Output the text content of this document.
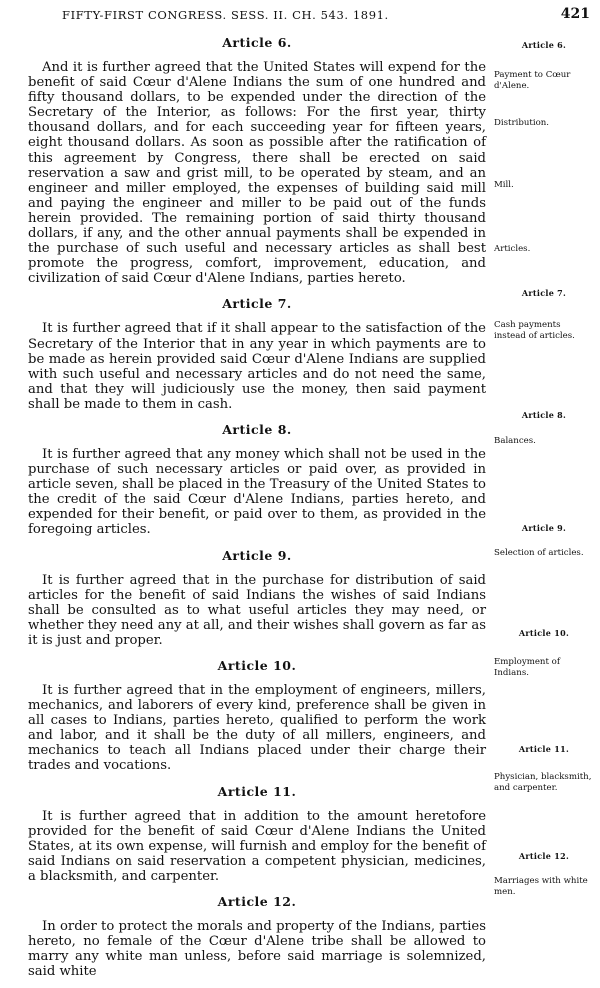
FIFTY-FIRST CONGRESS. SESS. II. CH. 543. 1891.	421
Article 6.

And it is further agreed that the United States will expend for the benefit of said Cœur d'Alene Indians the sum of one hundred and fifty thousand dollars, to be expended under the direction of the Secretary of the Interior, as follows: For the first year, thirty thousand dollars, and for each succeeding year for fifteen years, eight thousand dollars. As soon as possible after the ratification of this agreement by Congress, there shall be erected on said reservation a saw and grist mill, to be operated by steam, and an engineer and miller employed, the expenses of building said mill and paying the engineer and miller to be paid out of the funds herein provided. The remaining portion of said thirty thousand dollars, if any, and the other annual payments shall be expended in the purchase of such useful and necessary articles as shall best promote the progress, comfort, improvement, education, and civilization of said Cœur d'Alene Indians, parties hereto.

Article 7.

It is further agreed that if it shall appear to the satisfaction of the Secretary of the Interior that in any year in which payments are to be made as herein provided said Cœur d'Alene Indians are supplied with such useful and necessary articles and do not need the same, and that they will judiciously use the money, then said payment shall be made to them in cash.

Article 8.

It is further agreed that any money which shall not be used in the purchase of such necessary articles or paid over, as provided in article seven, shall be placed in the Treasury of the United States to the credit of the said Cœur d'Alene Indians, parties hereto, and expended for their benefit, or paid over to them, as provided in the foregoing articles.

Article 9.

It is further agreed that in the purchase for distribution of said articles for the benefit of said Indians the wishes of said Indians shall be consulted as to what useful articles they may need, or whether they need any at all, and their wishes shall govern as far as it is just and proper.

Article 10.

It is further agreed that in the employment of engineers, millers, mechanics, and laborers of every kind, preference shall be given in all cases to Indians, parties hereto, qualified to perform the work and labor, and it shall be the duty of all millers, engineers, and mechanics to teach all Indians placed under their charge their trades and vocations.

Article 11.

It is further agreed that in addition to the amount heretofore provided for the benefit of said Cœur d'Alene Indians the United States, at its own expense, will furnish and employ for the benefit of said Indians on said reservation a competent physician, medicines, a blacksmith, and carpenter.

Article 12.

In order to protect the morals and property of the Indians, parties hereto, no female of the Cœur d'Alene tribe shall be allowed to marry any white man unless, before said marriage is solemnized, said white

Article 6.
Payment to Cœur d'Alene.
Distribution.
Mill.
Articles.
Article 7.
Cash payments instead of articles.
Article 8.
Balances.
Article 9.
Selection of articles.
Article 10.
Employment of Indians.
Article 11.
Physician, blacksmith, and carpenter.
Article 12.
Marriages with white men.
